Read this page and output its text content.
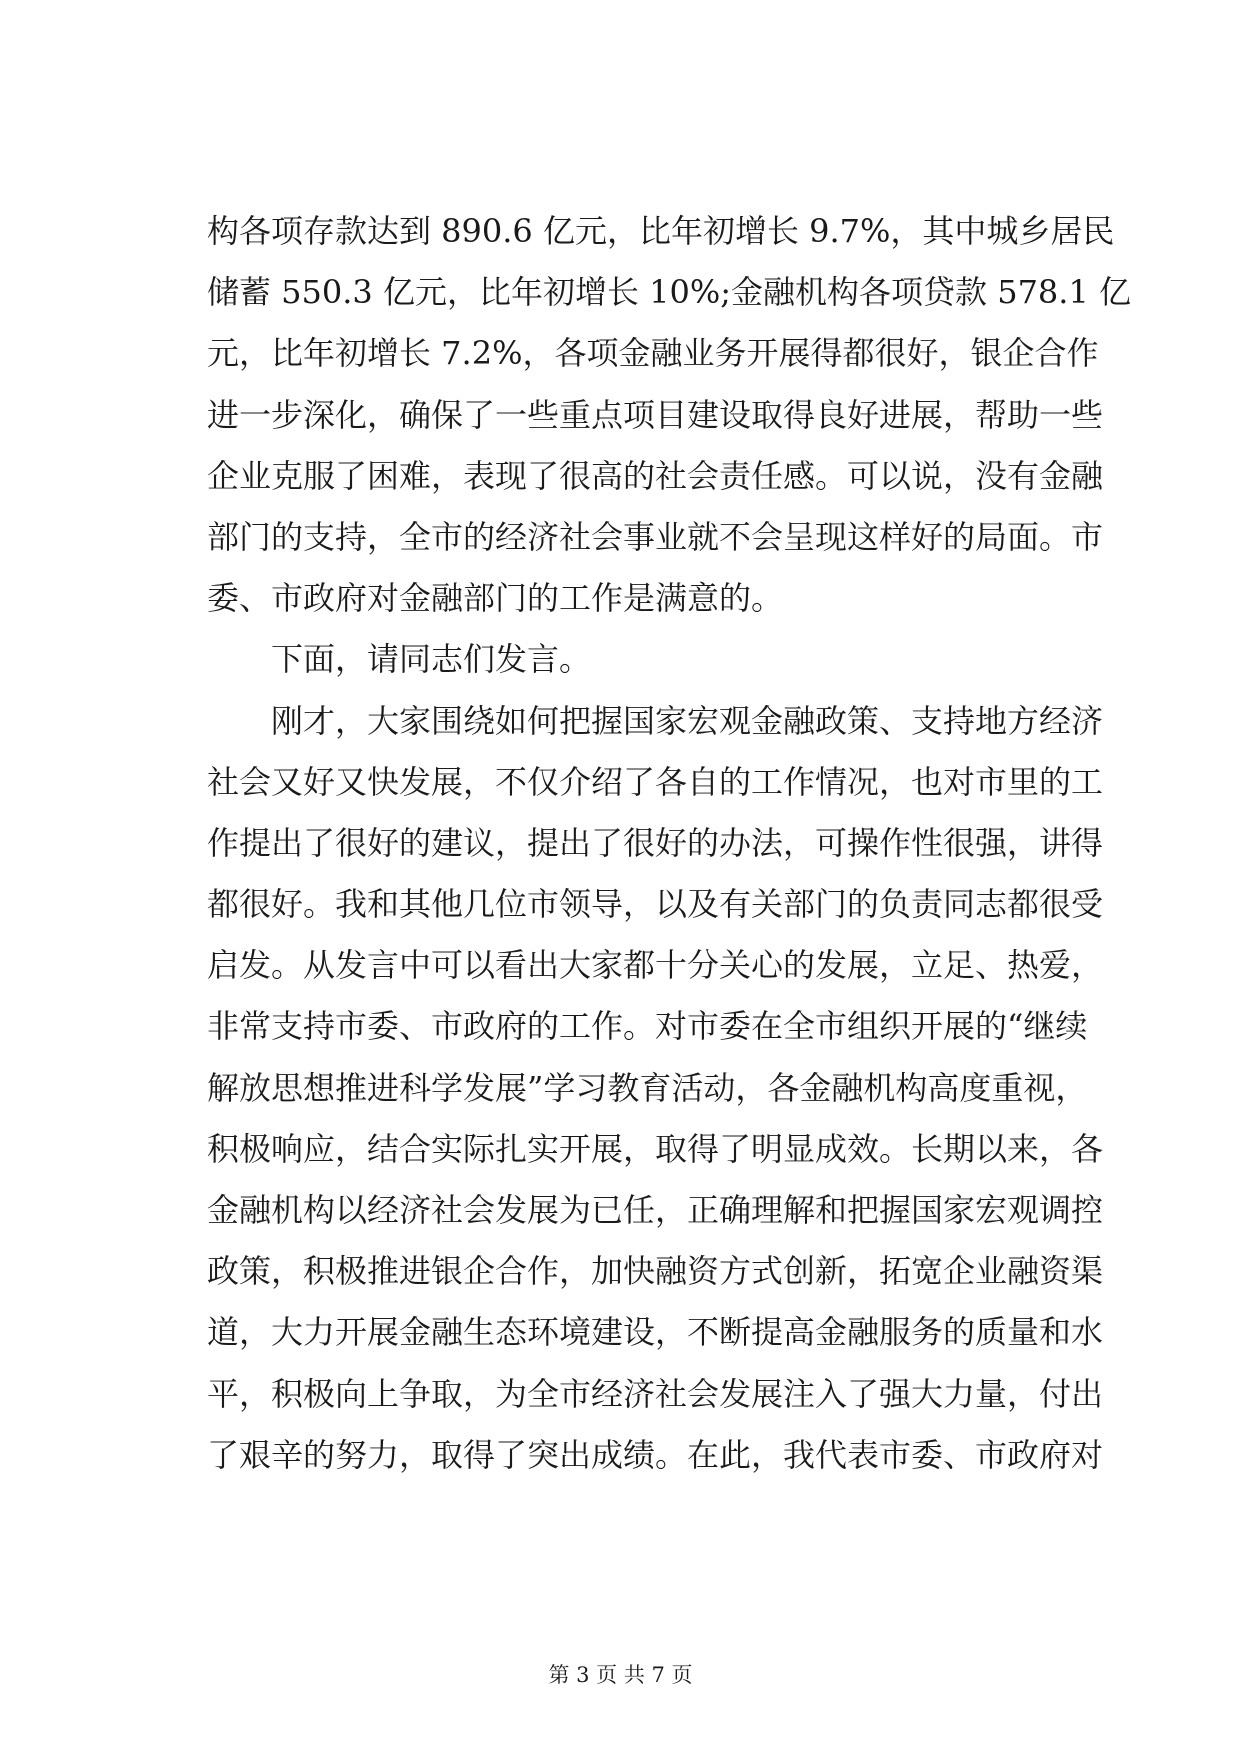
构各项存款达到 890.6 亿元，比年初增长 9.7%，其中城乡居民
储蓄 550.3 亿元，比年初增长 10%;金融机构各项贷款 578.1 亿
元，比年初增长 7.2%，各项金融业务开展得都很好，银企合作
进一步深化，确保了一些重点项目建设取得良好进展，帮助一些
企业克服了困难，表现了很高的社会责任感。可以说，没有金融
部门的支持，全市的经济社会事业就不会呈现这样好的局面。市
委、市政府对金融部门的工作是满意的。
下面，请同志们发言。
刚才，大家围绕如何把握国家宏观金融政策、支持地方经济
社会又好又快发展，不仅介绍了各自的工作情况，也对市里的工
作提出了很好的建议，提出了很好的办法，可操作性很强，讲得
都很好。我和其他几位市领导，以及有关部门的负责同志都很受
启发。从发言中可以看出大家都十分关心的发展，立足、热爱，
非常支持市委、市政府的工作。对市委在全市组织开展的“继续
解放思想推进科学发展”学习教育活动，各金融机构高度重视，
积极响应，结合实际扎实开展，取得了明显成效。长期以来，各
金融机构以经济社会发展为已任，正确理解和把握国家宏观调控
政策，积极推进银企合作，加快融资方式创新，拓宽企业融资渠
道，大力开展金融生态环境建设，不断提高金融服务的质量和水
平，积极向上争取，为全市经济社会发展注入了强大力量，付出
了艰辛的努力，取得了突出成绩。在此，我代表市委、市政府对
第 3 页 共 7 页
